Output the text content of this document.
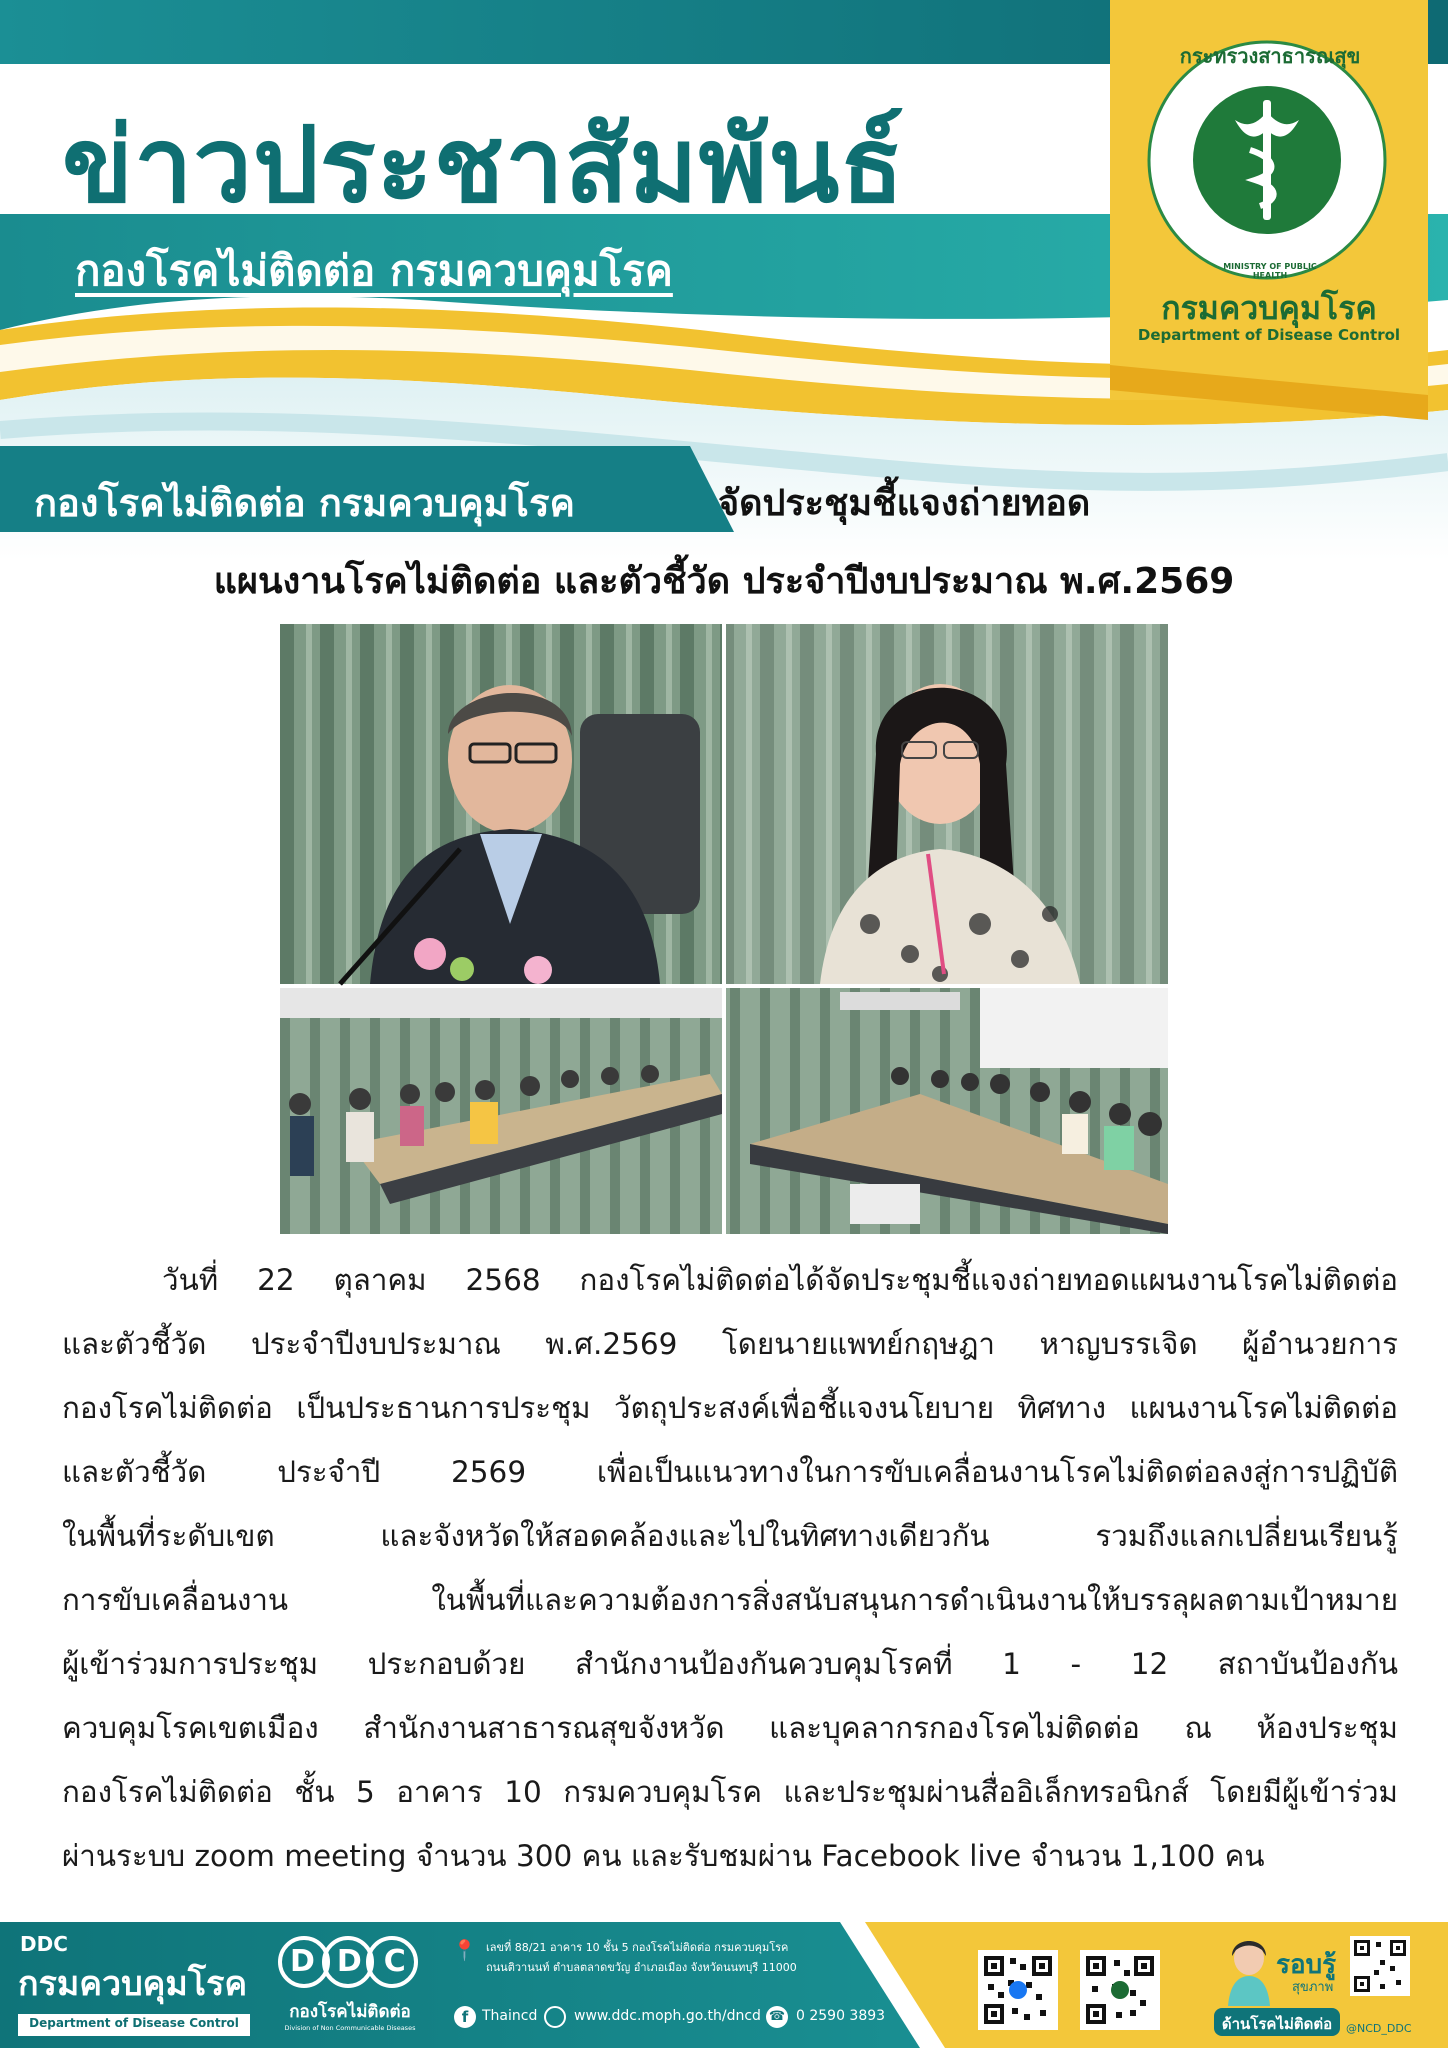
กระทรวงสาธารณสุข
MINISTRY OF PUBLIC HEALTH
กรมควบคุมโรค
Department of Disease Control
ข่าวประชาสัมพันธ์
กองโรคไม่ติดต่อ กรมควบคุมโรค
กองโรคไม่ติดต่อ กรมควบคุมโรค	จัดประชุมชี้แจงถ่ายทอด
แผนงานโรคไม่ติดต่อ และตัวชี้วัด ประจำปีงบประมาณ พ.ศ.2569
วันที่ 22 ตุลาคม 2568 กองโรคไม่ติดต่อได้จัดประชุมชี้แจงถ่ายทอดแผนงานโรคไม่ติดต่อ
และตัวชี้วัด ประจำปีงบประมาณ พ.ศ.2569 โดยนายแพทย์กฤษฎา หาญบรรเจิด ผู้อำนวยการ
กองโรคไม่ติดต่อ เป็นประธานการประชุม วัตถุประสงค์เพื่อชี้แจงนโยบาย ทิศทาง แผนงานโรคไม่ติดต่อ
และตัวชี้วัด ประจำปี 2569 เพื่อเป็นแนวทางในการขับเคลื่อนงานโรคไม่ติดต่อลงสู่การปฏิบัติ
ในพื้นที่ระดับเขต และจังหวัดให้สอดคล้องและไปในทิศทางเดียวกัน รวมถึงแลกเปลี่ยนเรียนรู้
การขับเคลื่อนงาน ในพื้นที่และความต้องการสิ่งสนับสนุนการดำเนินงานให้บรรลุผลตามเป้าหมาย
ผู้เข้าร่วมการประชุม ประกอบด้วย สำนักงานป้องกันควบคุมโรคที่ 1 - 12 สถาบันป้องกัน
ควบคุมโรคเขตเมือง สำนักงานสาธารณสุขจังหวัด และบุคลากรกองโรคไม่ติดต่อ ณ ห้องประชุม
กองโรคไม่ติดต่อ ชั้น 5 อาคาร 10 กรมควบคุมโรค และประชุมผ่านสื่ออิเล็กทรอนิกส์ โดยมีผู้เข้าร่วม
ผ่านระบบ zoom meeting จำนวน 300 คน และรับชมผ่าน Facebook live จำนวน 1,100 คน
DDC
กรมควบคุมโรค
Department of Disease Control
DDC
กองโรคไม่ติดต่อ
Division of Non Communicable Diseases
📍 เลขที่ 88/21 อาคาร 10 ชั้น 5 กองโรคไม่ติดต่อ กรมควบคุมโรค
ถนนติวานนท์ ตำบลตลาดขวัญ อำเภอเมือง จังหวัดนนทบุรี 11000
f Thaincd	www.ddc.moph.go.th/dncd ☎ 0 2590 3893
รอบรู้
สุขภาพ
ด้านโรคไม่ติดต่อ	@NCD_DDC
